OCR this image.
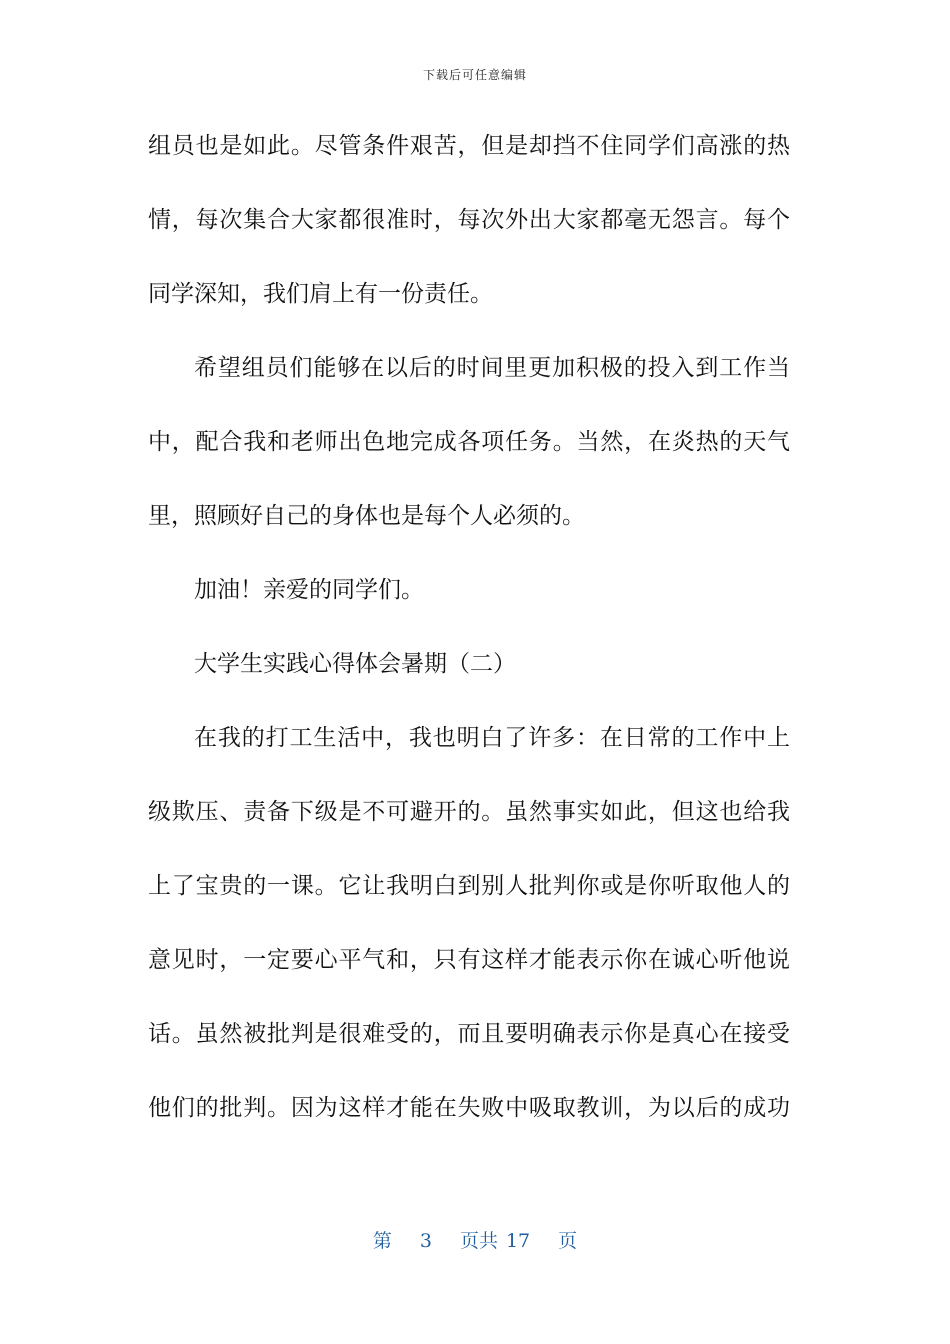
下载后可任意编辑
组员也是如此。尽管条件艰苦，但是却挡不住同学们高涨的热
情，每次集合大家都很准时，每次外出大家都毫无怨言。每个
同学深知，我们肩上有一份责任。
希望组员们能够在以后的时间里更加积极的投入到工作当
中，配合我和老师出色地完成各项任务。当然，在炎热的天气
里，照顾好自己的身体也是每个人必须的。
加油！亲爱的同学们。
大学生实践心得体会暑期（二）
在我的打工生活中，我也明白了许多：在日常的工作中上
级欺压、责备下级是不可避开的。虽然事实如此，但这也给我
上了宝贵的一课。它让我明白到别人批判你或是你听取他人的
意见时，一定要心平气和，只有这样才能表示你在诚心听他说
话。虽然被批判是很难受的，而且要明确表示你是真心在接受
他们的批判。因为这样才能在失败中吸取教训，为以后的成功
第 3 页共 17 页
